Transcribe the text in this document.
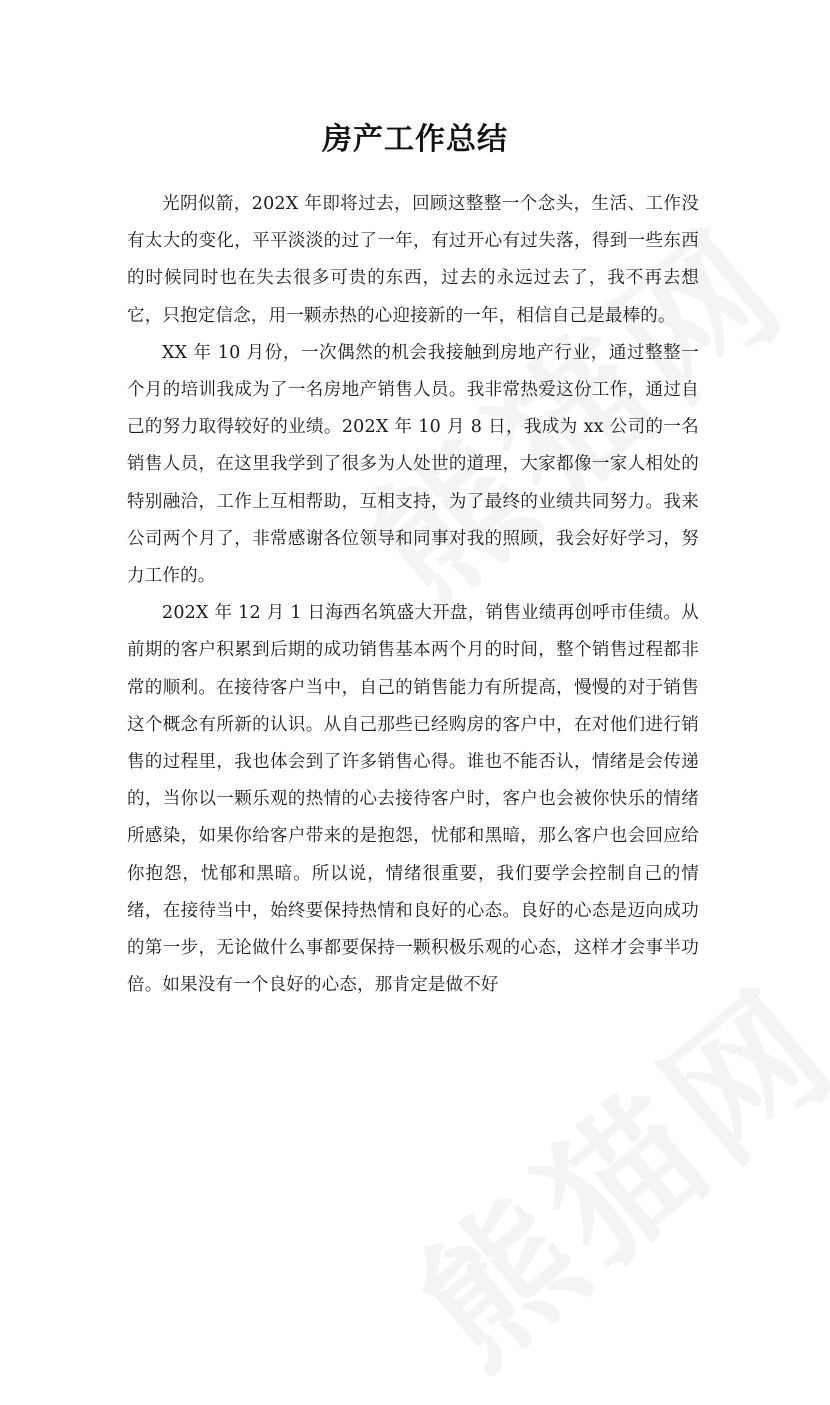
房产工作总结

光阴似箭，202X 年即将过去，回顾这整整一个念头，生活、工作没有太大的变化，平平淡淡的过了一年，有过开心有过失落，得到一些东西的时候同时也在失去很多可贵的东西，过去的永远过去了，我不再去想它，只抱定信念，用一颗赤热的心迎接新的一年，相信自己是最棒的。

XX 年 10 月份，一次偶然的机会我接触到房地产行业，通过整整一个月的培训我成为了一名房地产销售人员。我非常热爱这份工作，通过自己的努力取得较好的业绩。202X 年 10 月 8 日，我成为 xx 公司的一名销售人员，在这里我学到了很多为人处世的道理，大家都像一家人相处的特别融洽，工作上互相帮助，互相支持，为了最终的业绩共同努力。我来公司两个月了，非常感谢各位领导和同事对我的照顾，我会好好学习，努力工作的。

202X 年 12 月 1 日海西名筑盛大开盘，销售业绩再创呼市佳绩。从前期的客户积累到后期的成功销售基本两个月的时间，整个销售过程都非常的顺利。在接待客户当中，自己的销售能力有所提高，慢慢的对于销售这个概念有所新的认识。从自己那些已经购房的客户中，在对他们进行销售的过程里，我也体会到了许多销售心得。谁也不能否认，情绪是会传递的，当你以一颗乐观的热情的心去接待客户时，客户也会被你快乐的情绪所感染，如果你给客户带来的是抱怨，忧郁和黑暗，那么客户也会回应给你抱怨，忧郁和黑暗。所以说，情绪很重要，我们要学会控制自己的情绪，在接待当中，始终要保持热情和良好的心态。良好的心态是迈向成功的第一步，无论做什么事都要保持一颗积极乐观的心态，这样才会事半功倍。如果没有一个良好的心态，那肯定是做不好
